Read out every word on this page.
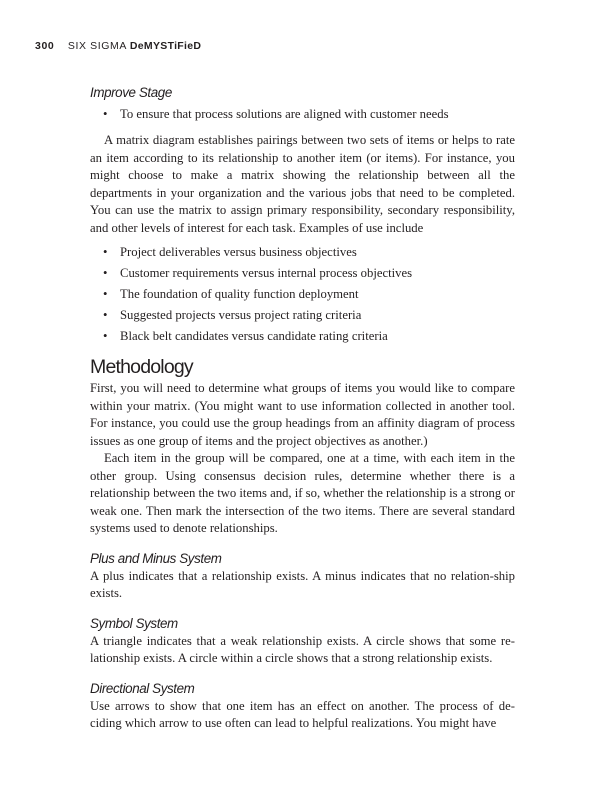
300 SIX SIGMA DeMYSTiFieD
Improve Stage
• To ensure that process solutions are aligned with customer needs

A matrix diagram establishes pairings between two sets of items or helps to rate an item according to its relationship to another item (or items). For instance, you might choose to make a matrix showing the relationship between all the departments in your organization and the various jobs that need to be completed. You can use the matrix to assign primary responsibility, secondary responsibility, and other levels of interest for each task. Examples of use include

• Project deliverables versus business objectives
• Customer requirements versus internal process objectives
• The foundation of quality function deployment
• Suggested projects versus project rating criteria
• Black belt candidates versus candidate rating criteria
Methodology

First, you will need to determine what groups of items you would like to compare within your matrix. (You might want to use information collected in another tool. For instance, you could use the group headings from an affinity diagram of process issues as one group of items and the project objectives as another.)

Each item in the group will be compared, one at a time, with each item in the other group. Using consensus decision rules, determine whether there is a relationship between the two items and, if so, whether the relationship is a strong or weak one. Then mark the intersection of the two items. There are several standard systems used to denote relationships.

Plus and Minus System

A plus indicates that a relationship exists. A minus indicates that no relation-ship exists.

Symbol System

A triangle indicates that a weak relationship exists. A circle shows that some re-lationship exists. A circle within a circle shows that a strong relationship exists.

Directional System

Use arrows to show that one item has an effect on another. The process of de-ciding which arrow to use often can lead to helpful realizations. You might have
